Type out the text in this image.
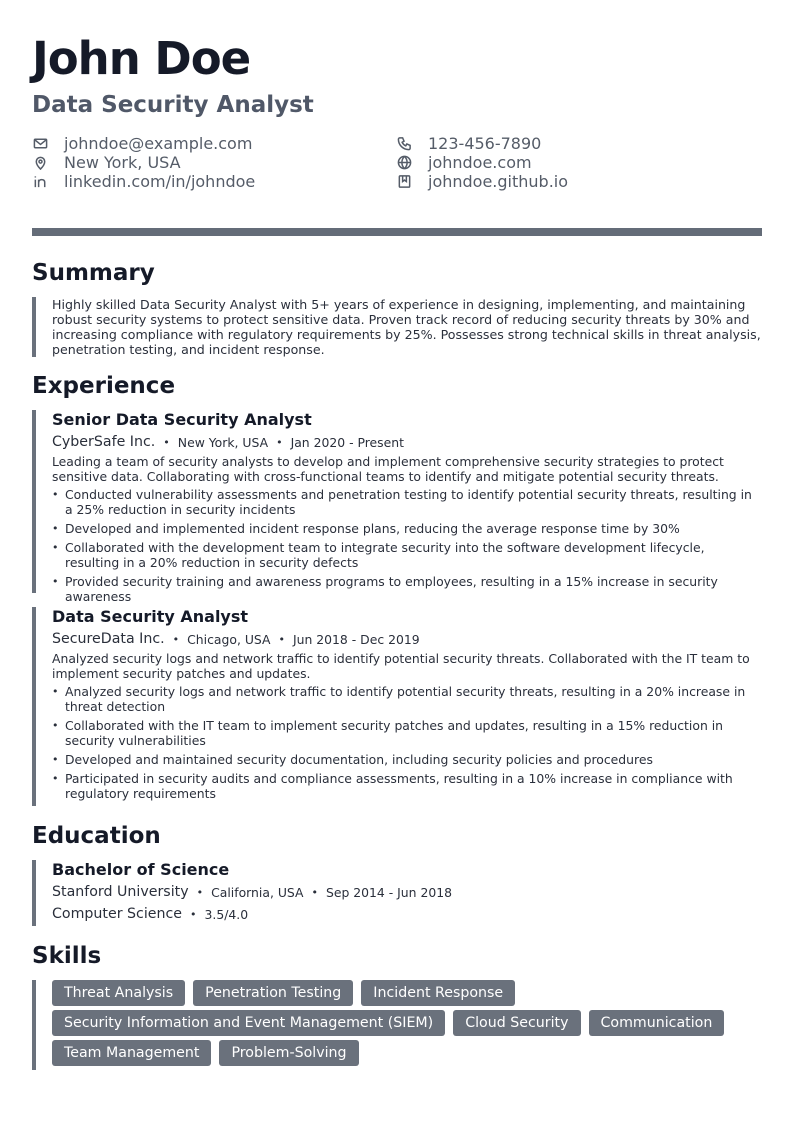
John Doe
Data Security Analyst
johndoe@example.com
New York, USA
linkedin.com/in/johndoe
123-456-7890
johndoe.com
johndoe.github.io
Summary
Highly skilled Data Security Analyst with 5+ years of experience in designing, implementing, and maintaining robust security systems to protect sensitive data. Proven track record of reducing security threats by 30% and increasing compliance with regulatory requirements by 25%. Possesses strong technical skills in threat analysis, penetration testing, and incident response.
Experience
Senior Data Security Analyst
CyberSafe Inc. • New York, USA • Jan 2020 - Present
Leading a team of security analysts to develop and implement comprehensive security strategies to protect sensitive data. Collaborating with cross-functional teams to identify and mitigate potential security threats.
• Conducted vulnerability assessments and penetration testing to identify potential security threats, resulting in a 25% reduction in security incidents
• Developed and implemented incident response plans, reducing the average response time by 30%
• Collaborated with the development team to integrate security into the software development lifecycle, resulting in a 20% reduction in security defects
• Provided security training and awareness programs to employees, resulting in a 15% increase in security awareness
Data Security Analyst
SecureData Inc. • Chicago, USA • Jun 2018 - Dec 2019
Analyzed security logs and network traffic to identify potential security threats. Collaborated with the IT team to implement security patches and updates.
• Analyzed security logs and network traffic to identify potential security threats, resulting in a 20% increase in threat detection
• Collaborated with the IT team to implement security patches and updates, resulting in a 15% reduction in security vulnerabilities
• Developed and maintained security documentation, including security policies and procedures
• Participated in security audits and compliance assessments, resulting in a 10% increase in compliance with regulatory requirements
Education
Bachelor of Science
Stanford University • California, USA • Sep 2014 - Jun 2018
Computer Science • 3.5/4.0
Skills
Threat Analysis	Penetration Testing	Incident Response
Security Information and Event Management (SIEM)	Cloud Security	Communication
Team Management	Problem-Solving
